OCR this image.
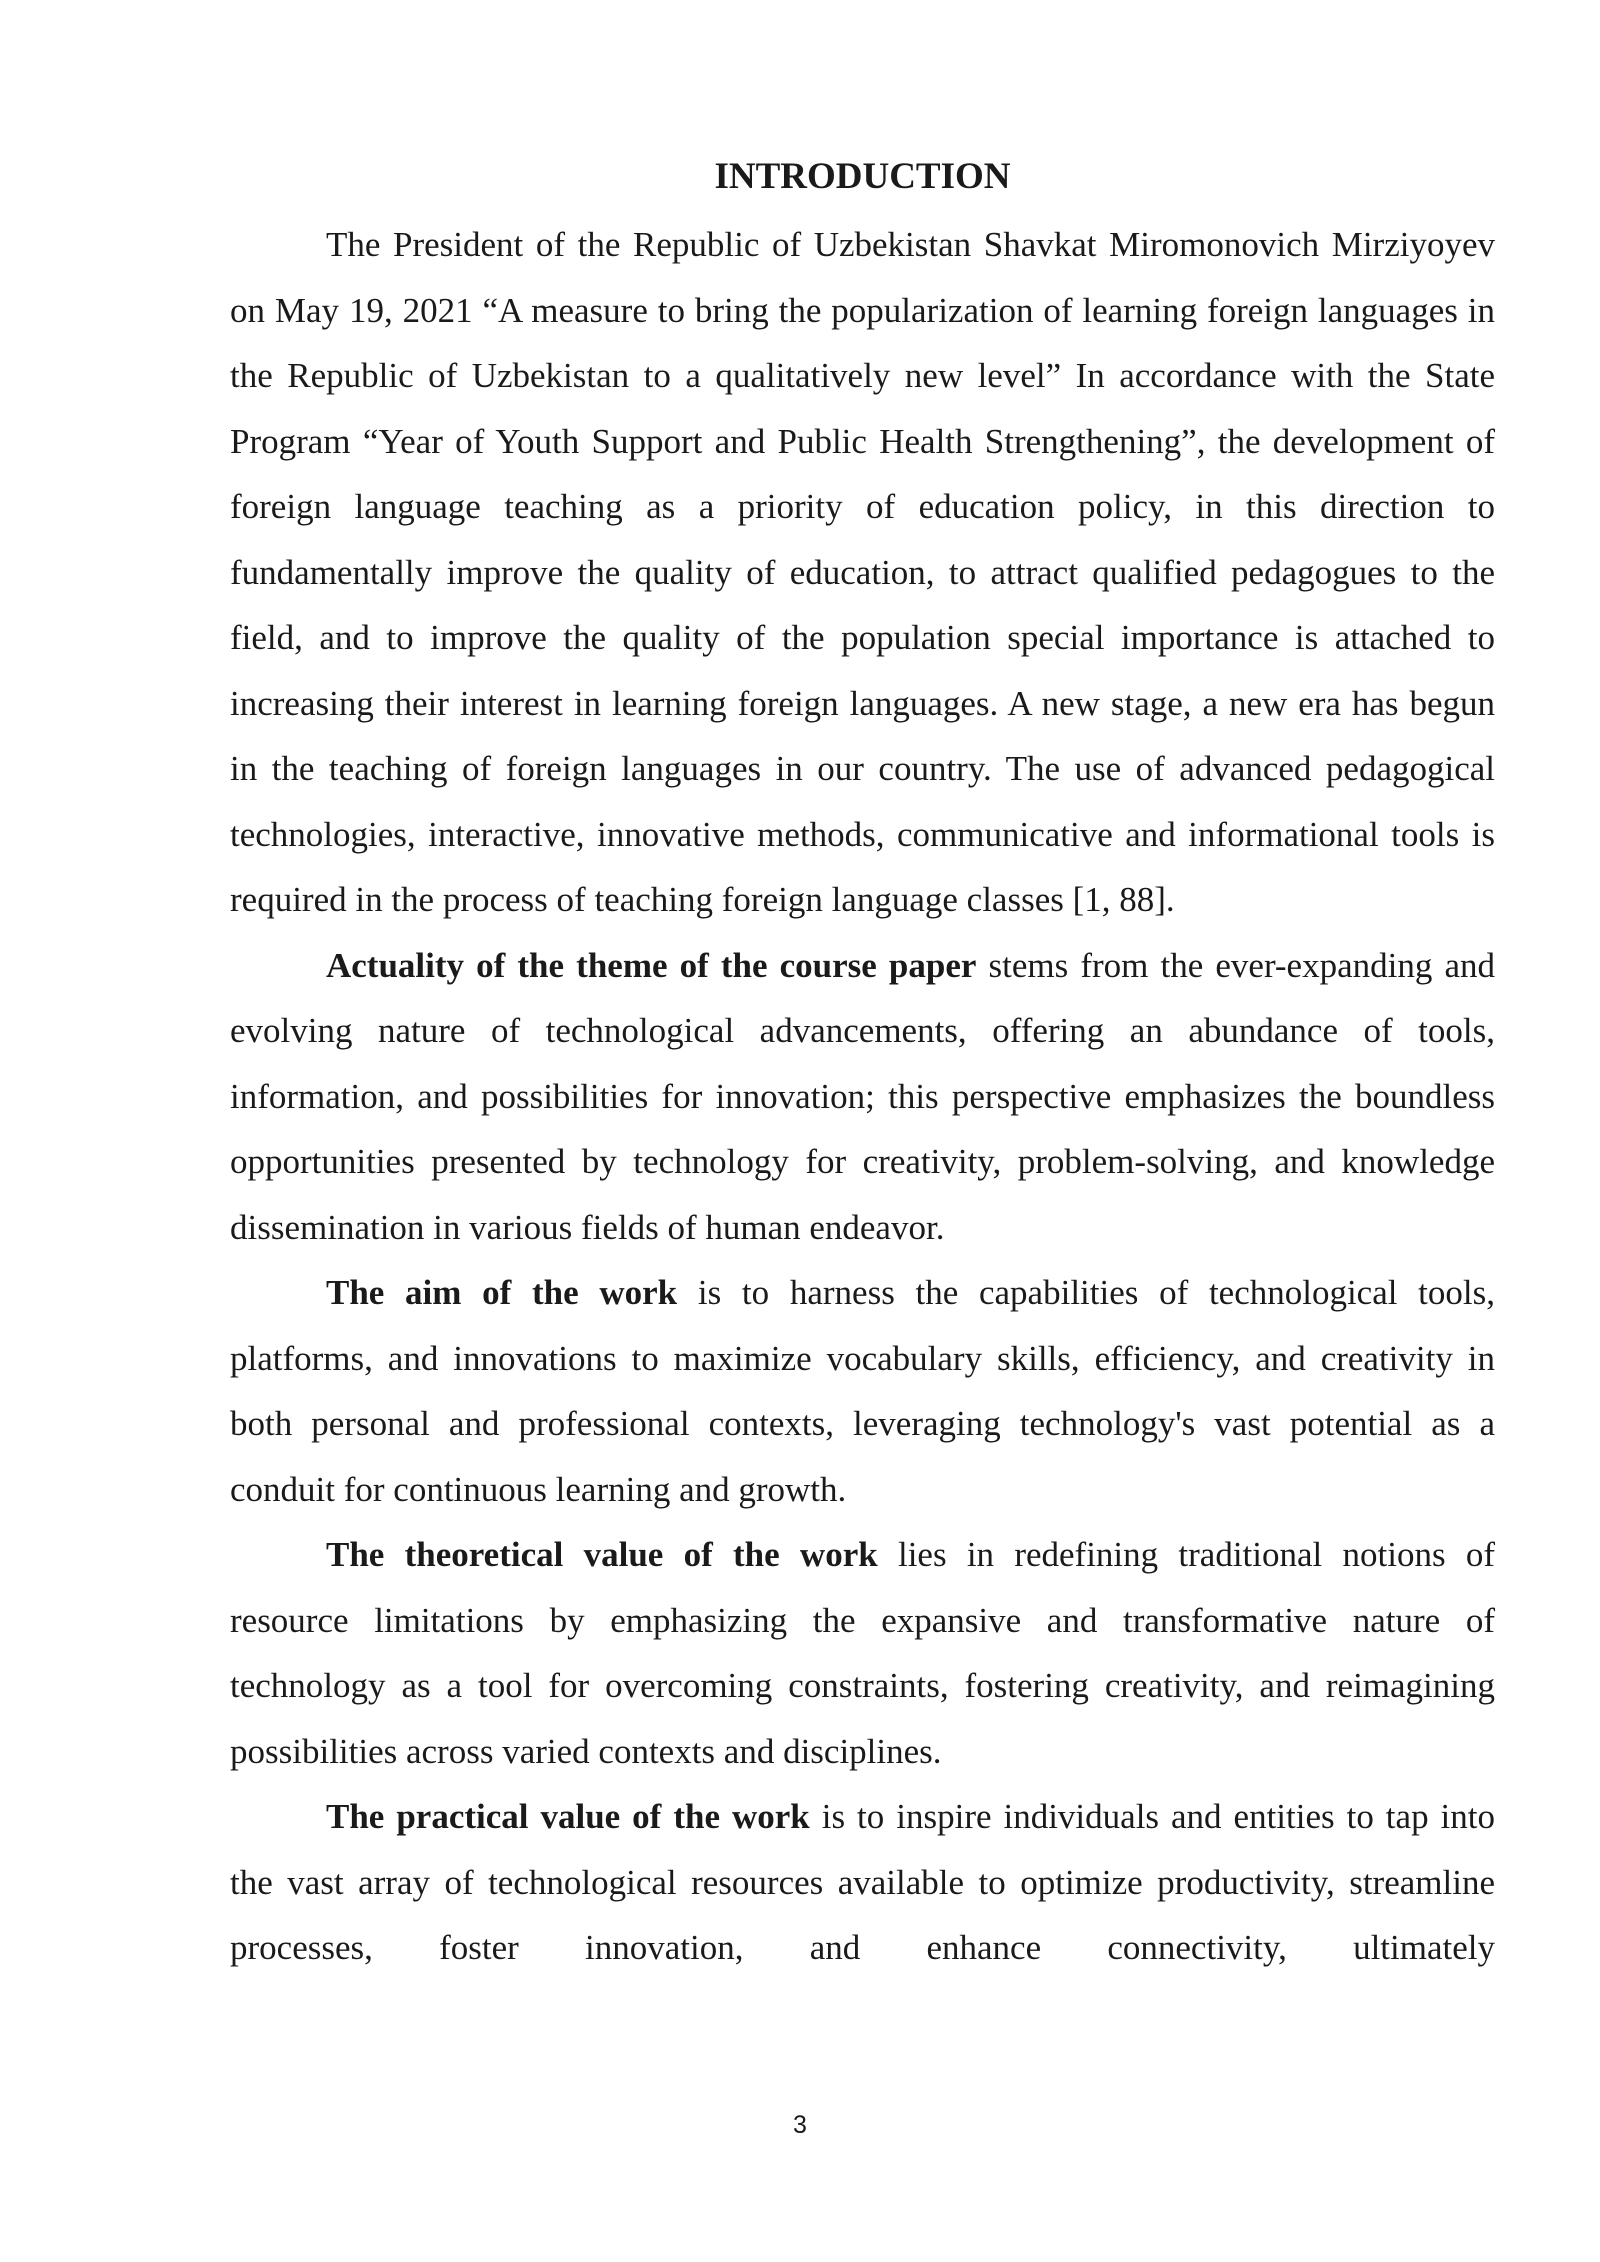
INTRODUCTION

The President of the Republic of Uzbekistan Shavkat Miromonovich Mirziyoyev on May 19, 2021 “A measure to bring the popularization of learning foreign languages in the Republic of Uzbekistan to a qualitatively new level” In accordance with the State Program “Year of Youth Support and Public Health Strengthening”, the development of foreign language teaching as a priority of education policy, in this direction to fundamentally improve the quality of education, to attract qualified pedagogues to the field, and to improve the quality of the population special importance is attached to increasing their interest in learning foreign languages. A new stage, a new era has begun in the teaching of foreign languages in our country. The use of advanced pedagogical technologies, interactive, innovative methods, communicative and informational tools is required in the process of teaching foreign language classes [1, 88].

Actuality of the theme of the course paper stems from the ever-expanding and evolving nature of technological advancements, offering an abundance of tools, information, and possibilities for innovation; this perspective emphasizes the boundless opportunities presented by technology for creativity, problem-solving, and knowledge dissemination in various fields of human endeavor.

The aim of the work is to harness the capabilities of technological tools, platforms, and innovations to maximize vocabulary skills, efficiency, and creativity in both personal and professional contexts, leveraging technology's vast potential as a conduit for continuous learning and growth.

The theoretical value of the work lies in redefining traditional notions of resource limitations by emphasizing the expansive and transformative nature of technology as a tool for overcoming constraints, fostering creativity, and reimagining possibilities across varied contexts and disciplines.

The practical value of the work is to inspire individuals and entities to tap into the vast array of technological resources available to optimize productivity, streamline processes, foster innovation, and enhance connectivity, ultimately

3
